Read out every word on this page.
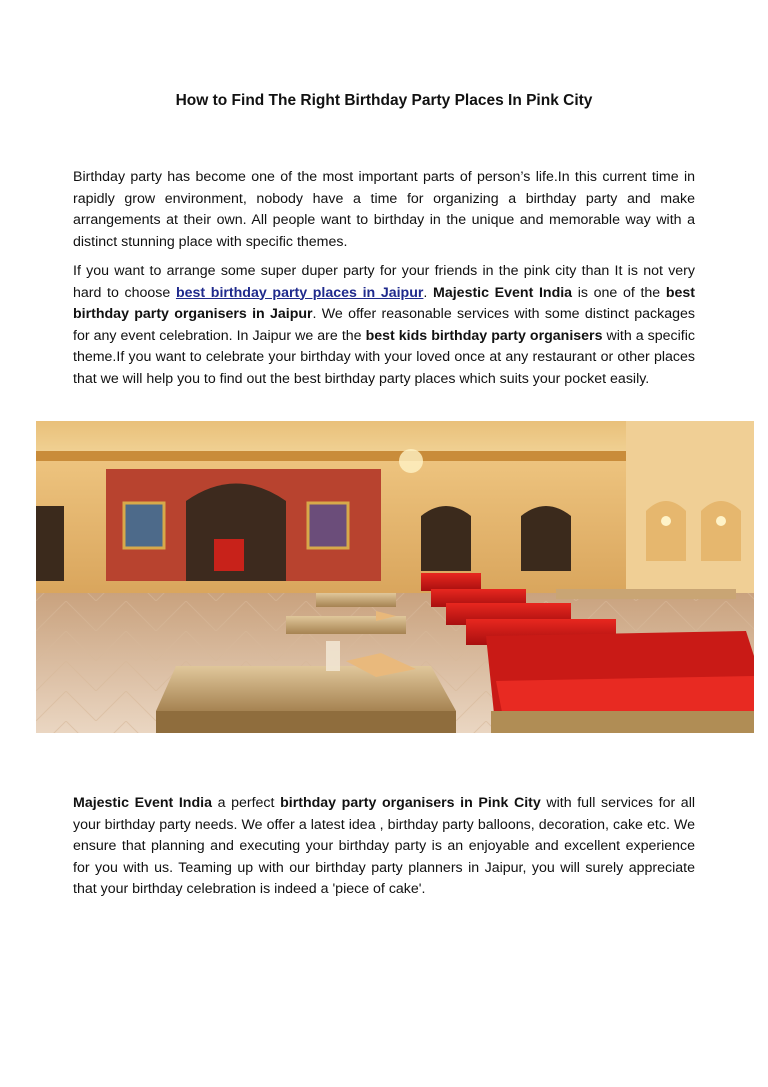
How to Find The Right Birthday Party Places In Pink City

Birthday party has become one of the most important parts of person’s life.In this current time in rapidly grow environment, nobody have a time for organizing a birthday party and make arrangements at their own. All people want to birthday in the unique and memorable way with a distinct stunning place with specific themes.

If you want to arrange some super duper party for your friends in the pink city than It is not very hard to choose best birthday party places in Jaipur. Majestic Event India is one of the best birthday party organisers in Jaipur. We offer reasonable services with some distinct packages for any event celebration. In Jaipur we are the best kids birthday party organisers with a specific theme.If you want to celebrate your birthday with your loved once at any restaurant or other places that we will help you to find out the best birthday party places which suits your pocket easily.

Majestic Event India a perfect birthday party organisers in Pink City with full services for all your birthday party needs. We offer a latest idea , birthday party balloons, decoration, cake etc. We ensure that planning and executing your birthday party is an enjoyable and excellent experience for you with us. Teaming up with our birthday party planners in Jaipur, you will surely appreciate that your birthday celebration is indeed a 'piece of cake'.
